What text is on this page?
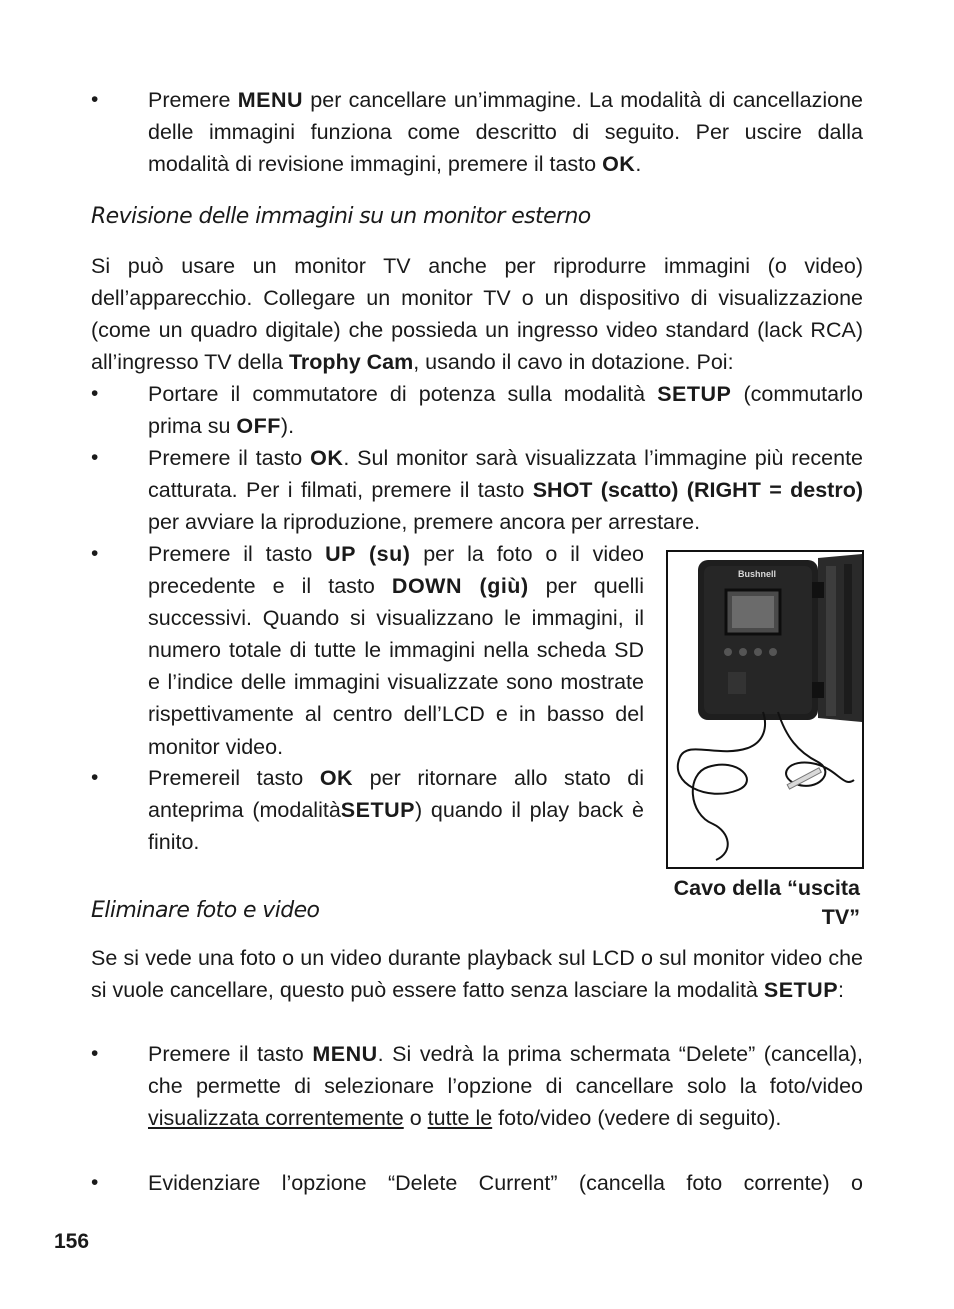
• Premere MENU per cancellare un’immagine. La modalità di cancellazione delle immagini funziona come descritto di seguito. Per uscire dalla modalità di revisione immagini, premere il tasto OK.

Revisione delle immagini su un monitor esterno

Si può usare un monitor TV anche per riprodurre immagini (o video) dell’apparecchio. Collegare un monitor TV o un dispositivo di visualizzazione (come un quadro digitale) che possieda un ingresso video standard (lack RCA) all’ingresso TV della Trophy Cam, usando il cavo in dotazione. Poi:

• Portare il commutatore di potenza sulla modalità SETUP (commutarlo prima su OFF).

• Premere il tasto OK. Sul monitor sarà visualizzata l’immagine più recente catturata. Per i filmati, premere il tasto SHOT (scatto) (RIGHT = destro) per avviare la riproduzione, premere ancora per arrestare.

• Premere il tasto UP (su) per la foto o il video precedente e il tasto DOWN (giù) per quelli successivi. Quando si visualizzano le immagini, il numero totale di tutte le immagini nella scheda SD e l’indice delle immagini visualizzate sono mostrate rispettivamente al centro dell’LCD e in basso del monitor video.

• Premereil tasto OK per ritornare allo stato di anteprima (modalitàSETUP) quando il play back è finito.

Bushnell
Cavo della “uscita TV”
Eliminare foto e video

Se si vede una foto o un video durante playback sul LCD o sul monitor video che si vuole cancellare, questo può essere fatto senza lasciare la modalità SETUP:

• Premere il tasto MENU. Si vedrà la prima schermata “Delete” (cancella), che permette di selezionare l’opzione di cancellare solo la foto/video visualizzata correntemente o tutte le foto/video (vedere di seguito).

• Evidenziare l’opzione “Delete Current” (cancella foto corrente) o

156
